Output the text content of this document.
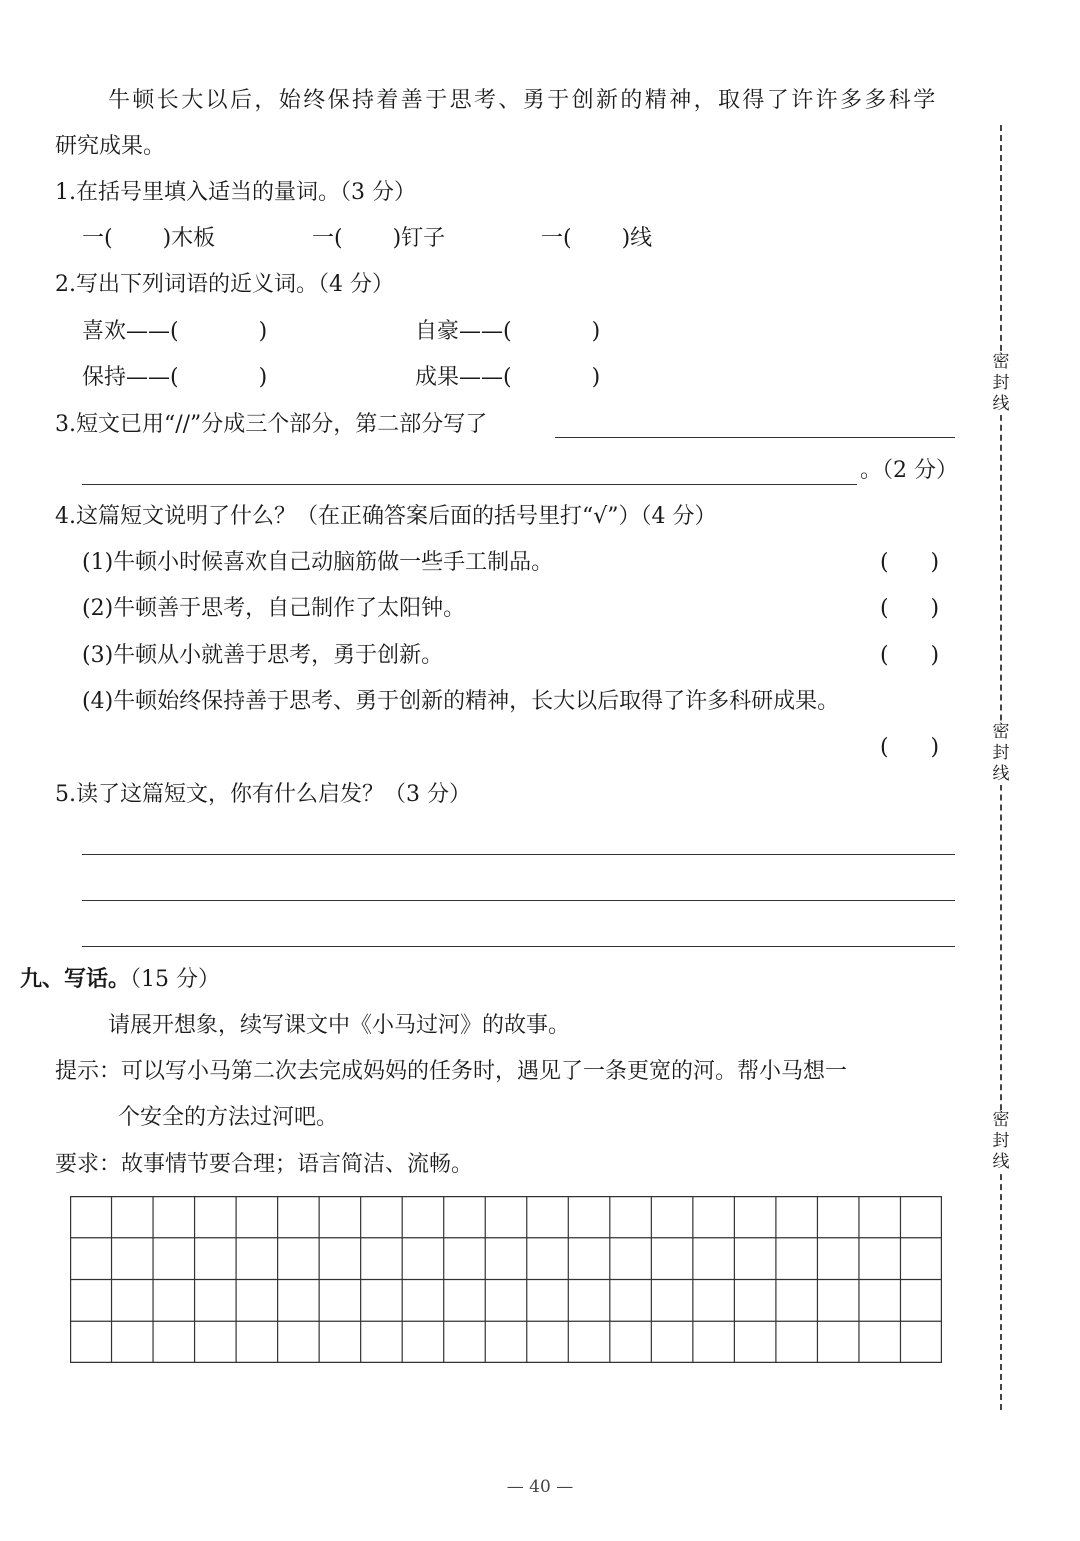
牛顿长大以后，始终保持着善于思考、勇于创新的精神，取得了许许多多科学
研究成果。
1.在括号里填入适当的量词。（3 分）
一( )木板	一( )钉子	一( )线
2.写出下列词语的近义词。（4 分）
喜欢——(	)	自豪——(	)
保持——(	)	成果——(	)
3.短文已用“//”分成三个部分，第二部分写了
。（2 分）
4.这篇短文说明了什么？（在正确答案后面的括号里打“√”）（4 分）
(1)牛顿小时候喜欢自己动脑筋做一些手工制品。	(      )
(2)牛顿善于思考，自己制作了太阳钟。	(      )
(3)牛顿从小就善于思考，勇于创新。	(      )
(4)牛顿始终保持善于思考、勇于创新的精神，长大以后取得了许多科研成果。
(      )
5.读了这篇短文，你有什么启发？（3 分）
九、写话。（15 分）
请展开想象，续写课文中《小马过河》的故事。
提示：可以写小马第二次去完成妈妈的任务时，遇见了一条更宽的河。帮小马想一
个安全的方法过河吧。
要求：故事情节要合理；语言简洁、流畅。
密
封
线
密
封
线
密
封
线
— 40 —
